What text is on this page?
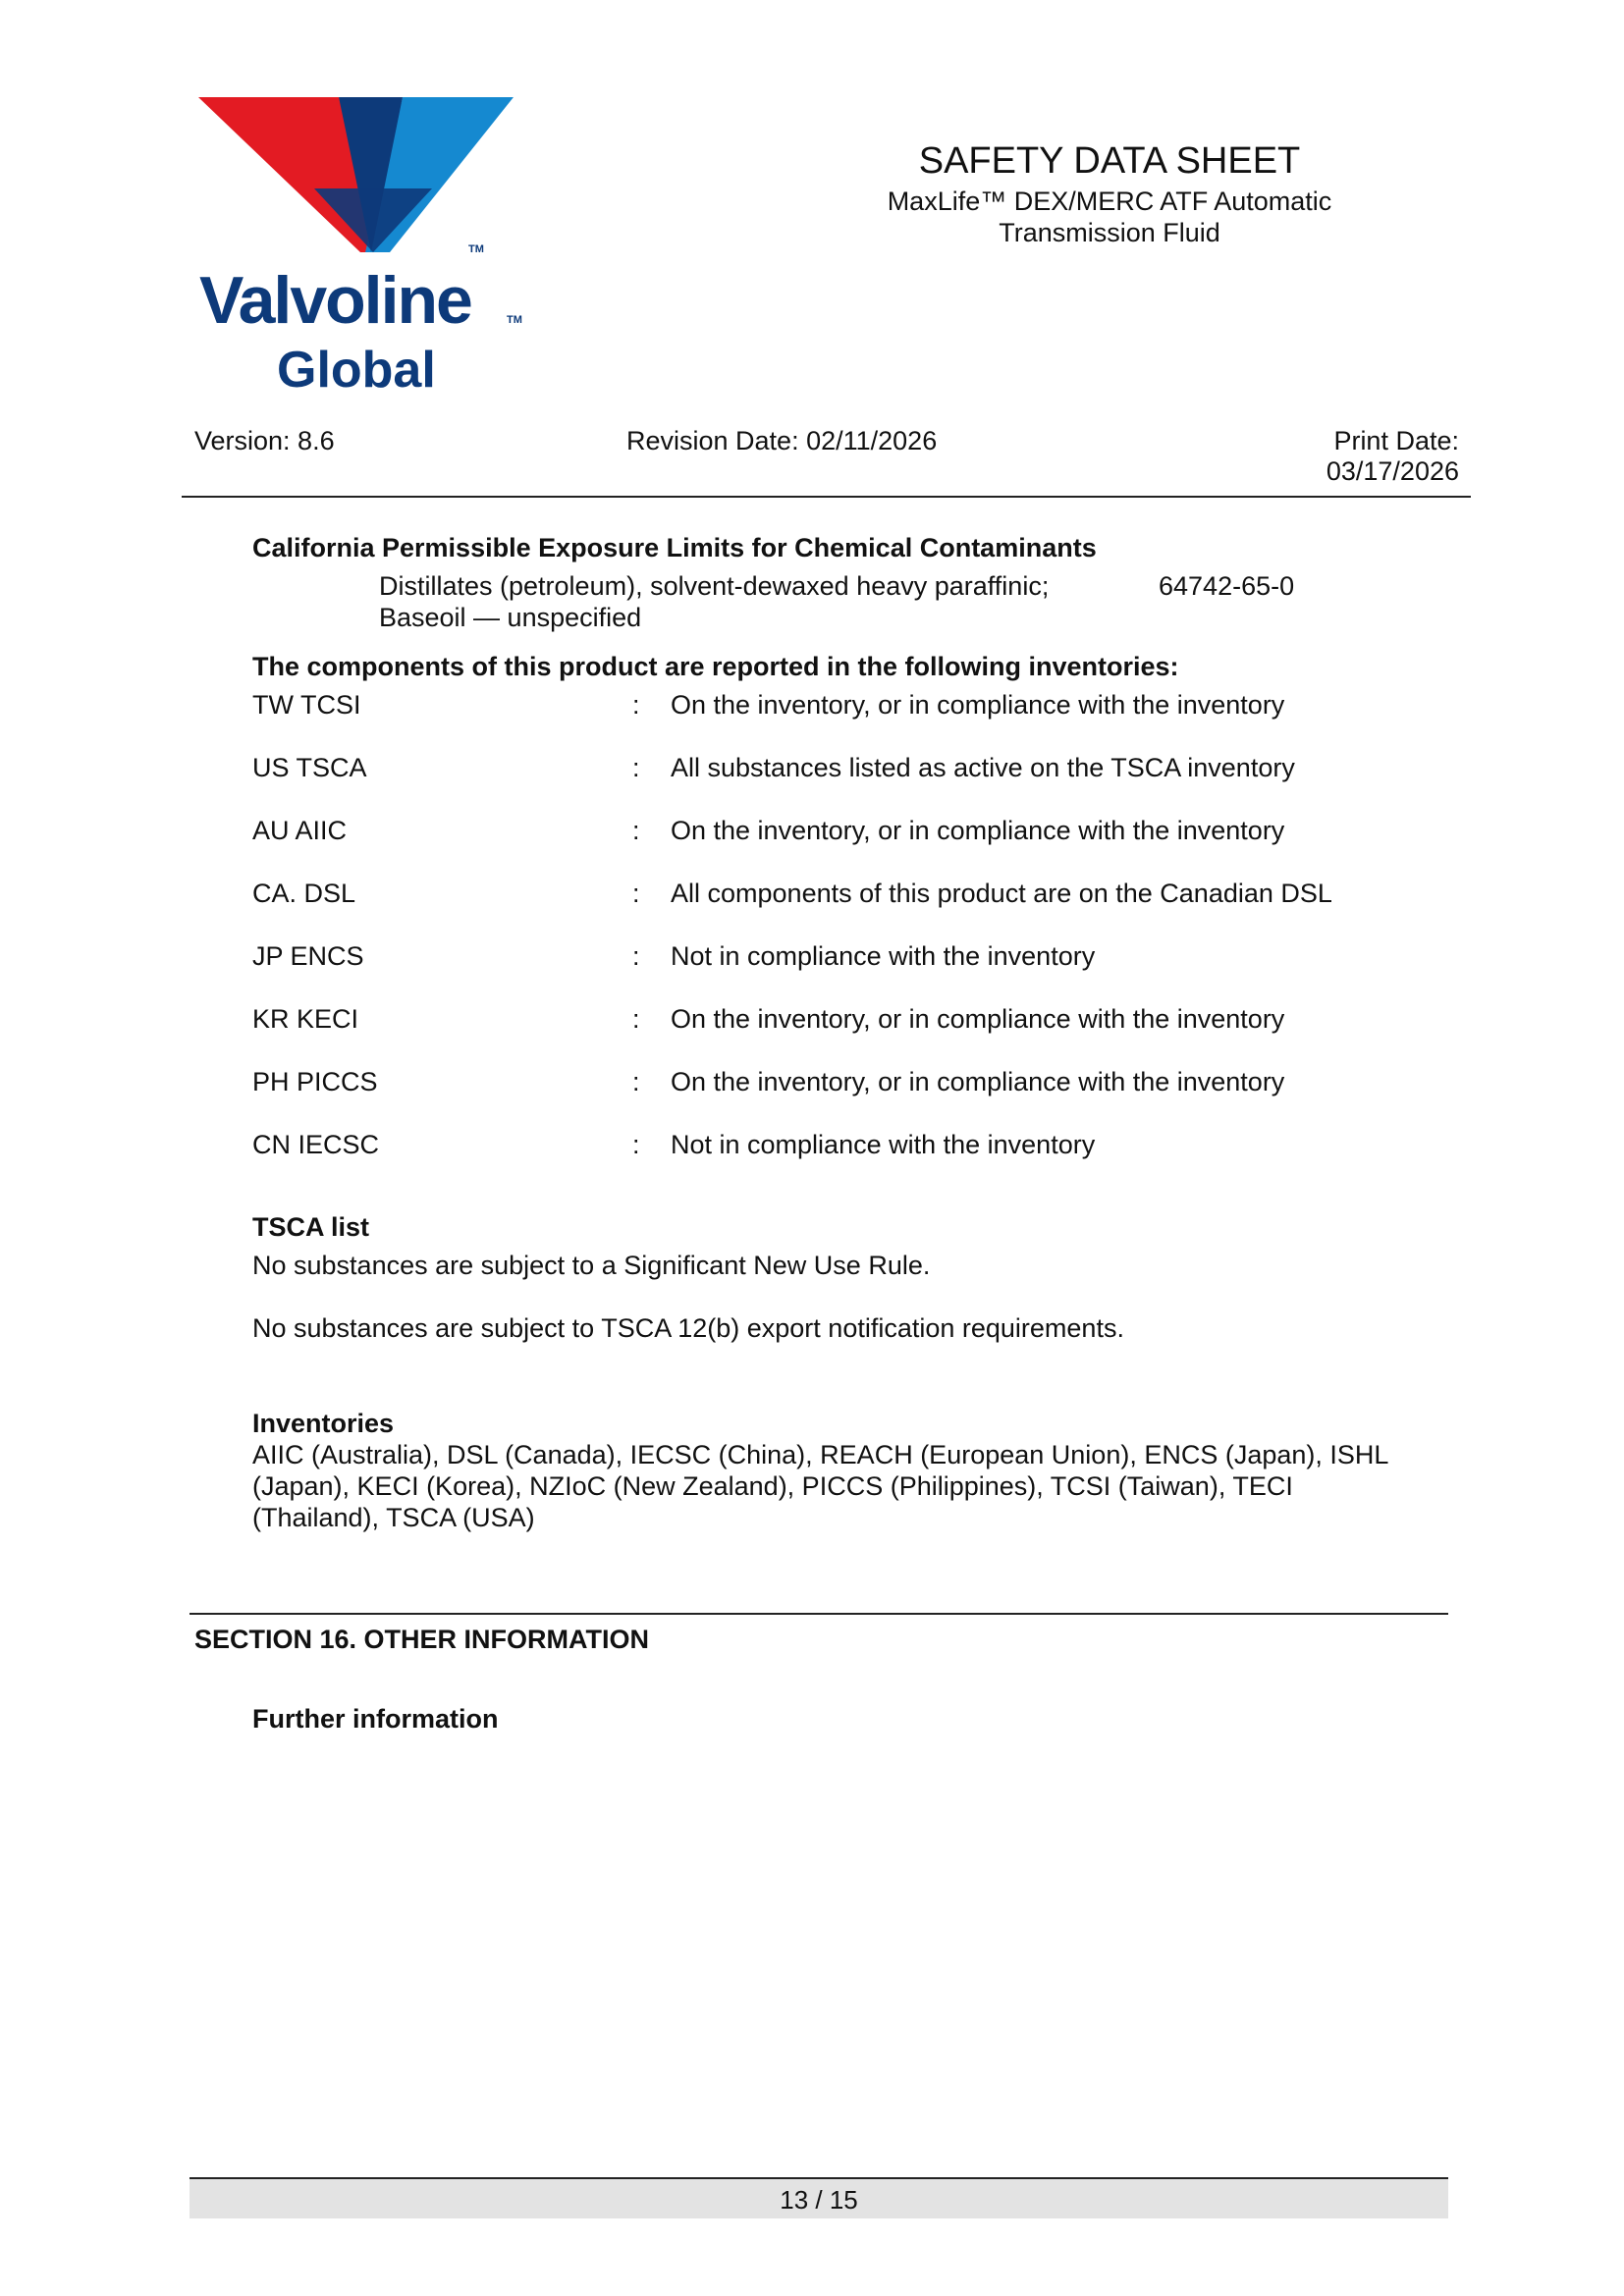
Valvoline
TM
TM
Global
SAFETY DATA SHEET
MaxLife™ DEX/MERC ATF Automatic
Transmission Fluid
Version: 8.6	Revision Date: 02/11/2026	Print Date:
03/17/2026
California Permissible Exposure Limits for Chemical Contaminants
Distillates (petroleum), solvent-dewaxed heavy paraffinic;
Baseoil — unspecified
64742-65-0
The components of this product are reported in the following inventories:
TW TCSI	: On the inventory, or in compliance with the inventory
US TSCA	: All substances listed as active on the TSCA inventory
AU AIIC	: On the inventory, or in compliance with the inventory
CA. DSL	: All components of this product are on the Canadian DSL
JP ENCS	: Not in compliance with the inventory
KR KECI	: On the inventory, or in compliance with the inventory
PH PICCS	: On the inventory, or in compliance with the inventory
CN IECSC	: Not in compliance with the inventory
TSCA list
No substances are subject to a Significant New Use Rule.
No substances are subject to TSCA 12(b) export notification requirements.
Inventories
AIIC (Australia), DSL (Canada), IECSC (China), REACH (European Union), ENCS (Japan), ISHL
(Japan), KECI (Korea), NZIoC (New Zealand), PICCS (Philippines), TCSI (Taiwan), TECI
(Thailand), TSCA (USA)
SECTION 16. OTHER INFORMATION
Further information
13 / 15
